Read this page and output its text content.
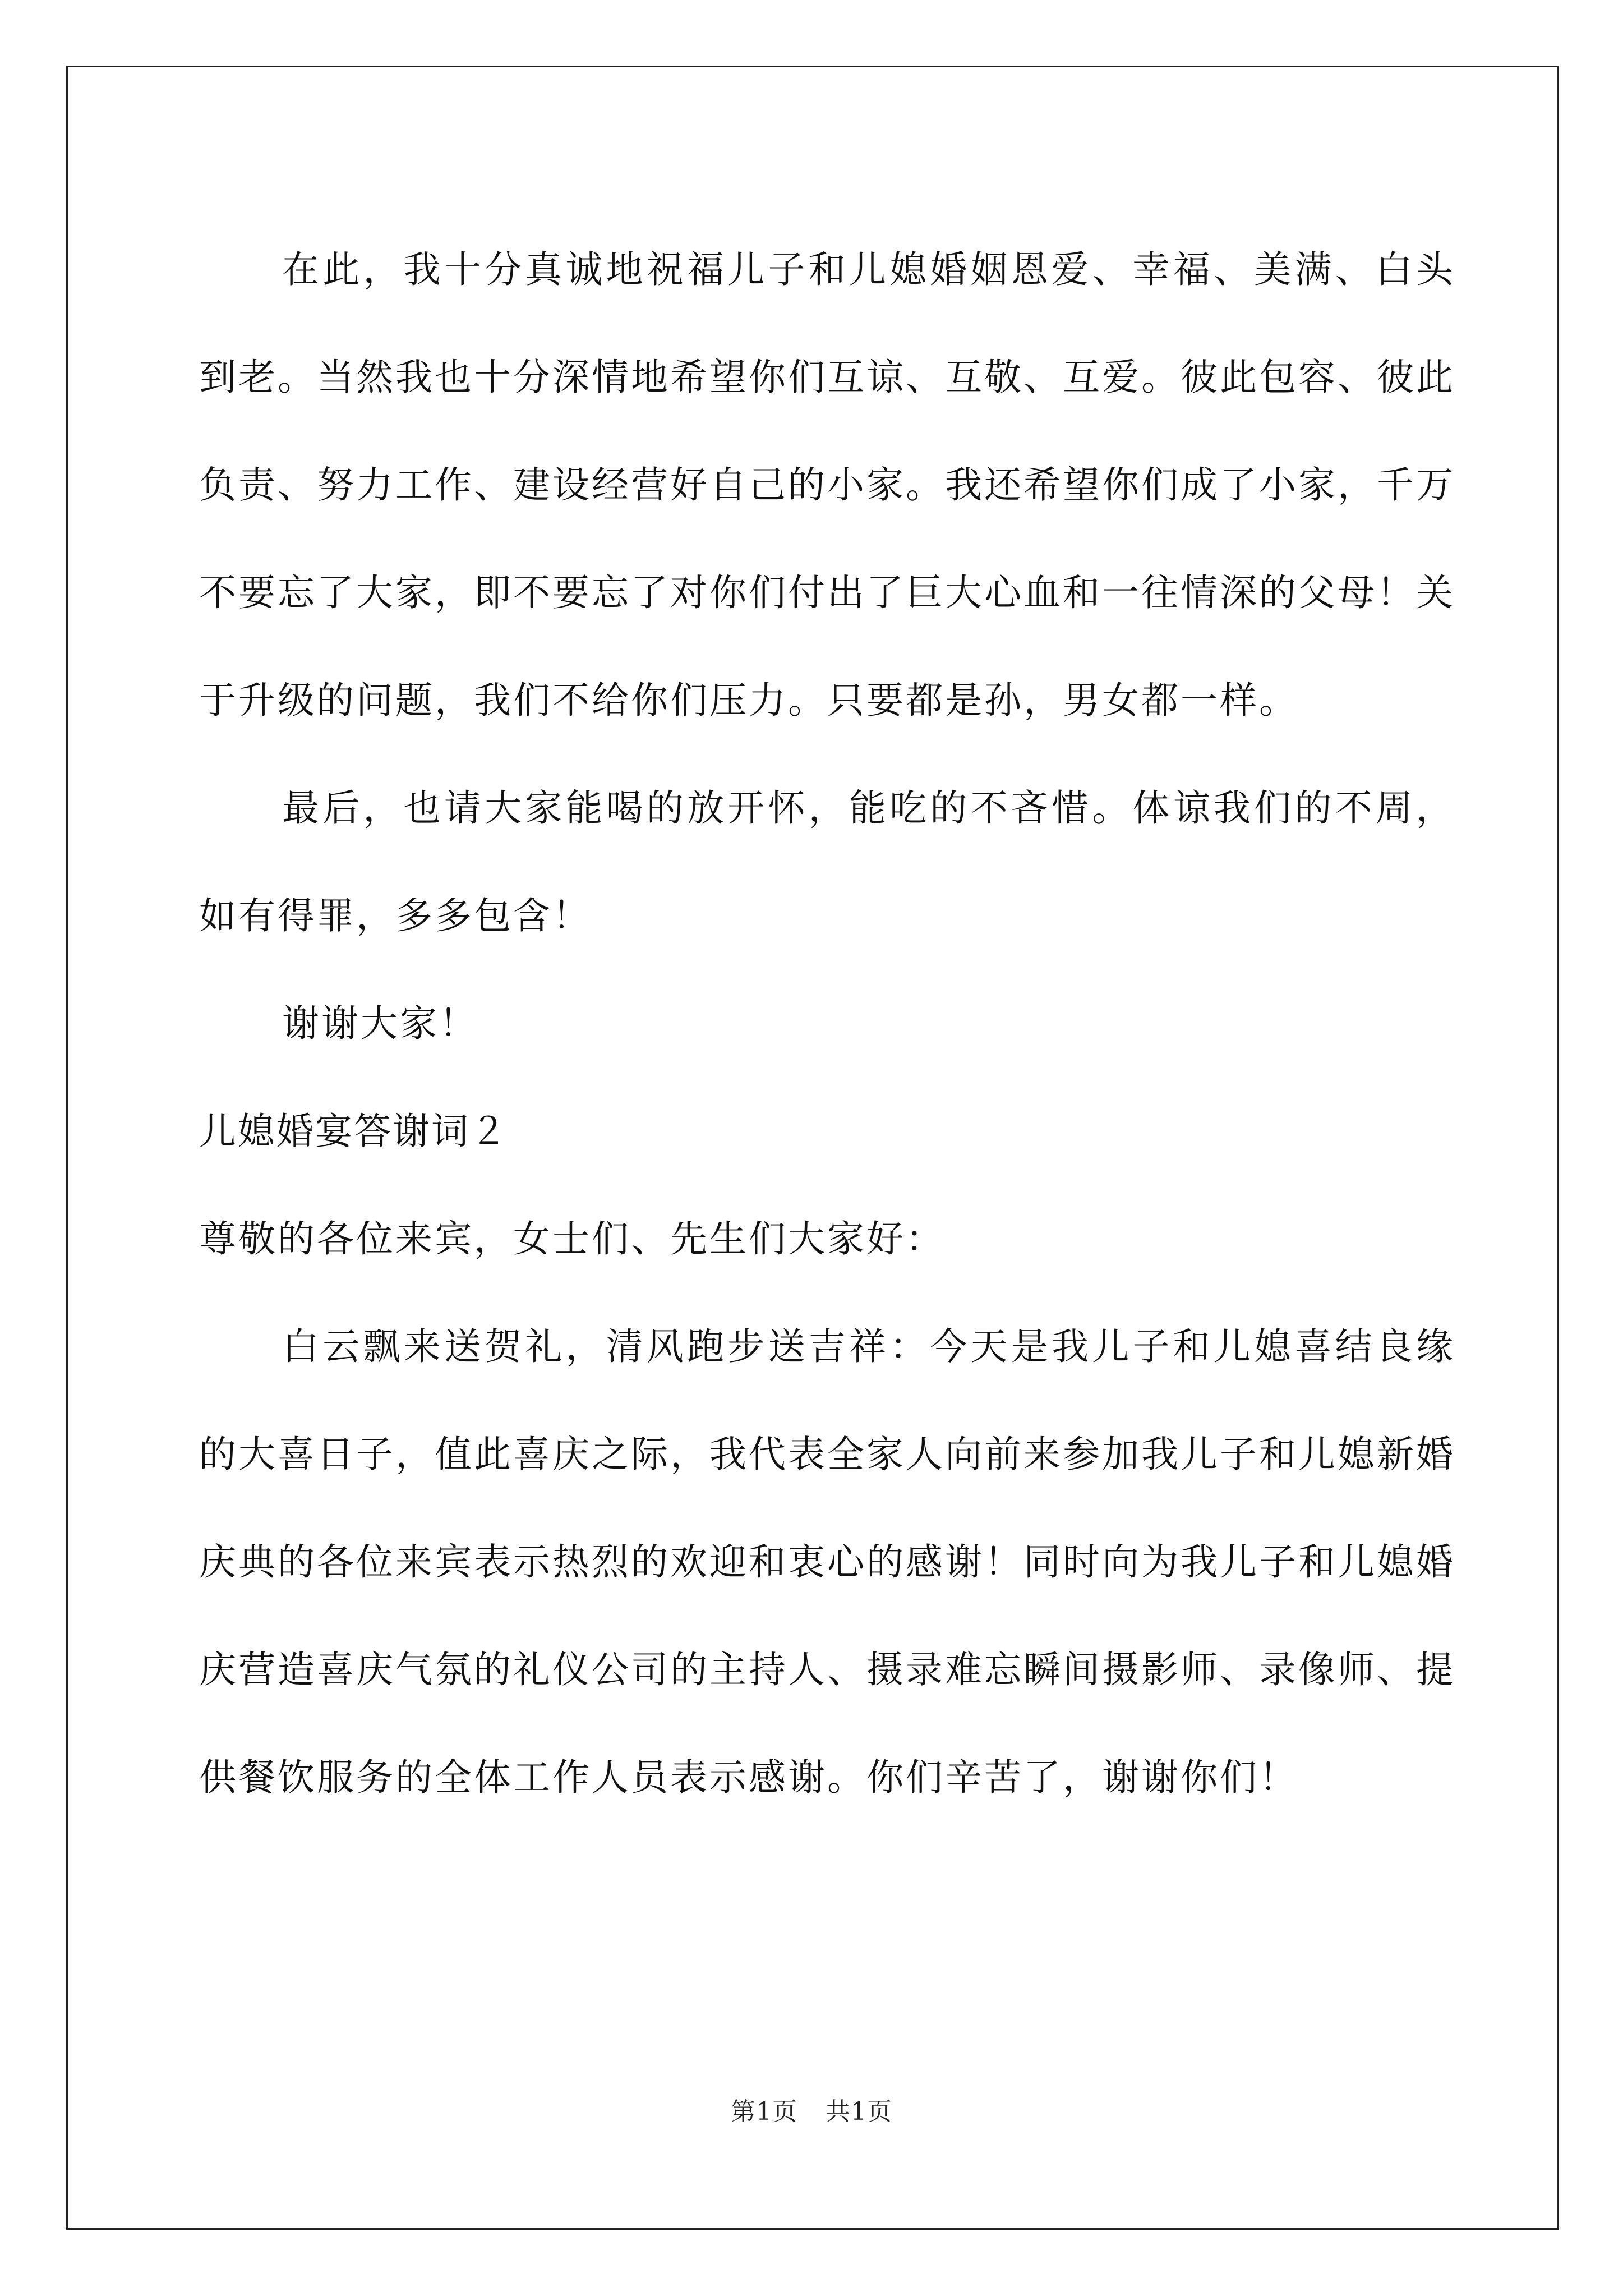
在此，我十分真诚地祝福儿子和儿媳婚姻恩爱、幸福、美满、白头到老。当然我也十分深情地希望你们互谅、互敬、互爱。彼此包容、彼此负责、努力工作、建设经营好自己的小家。我还希望你们成了小家，千万不要忘了大家，即不要忘了对你们付出了巨大心血和一往情深的父母！关于升级的问题，我们不给你们压力。只要都是孙，男女都一样。

最后，也请大家能喝的放开怀，能吃的不吝惜。体谅我们的不周，如有得罪，多多包含！

谢谢大家！

儿媳婚宴答谢词２

尊敬的各位来宾，女士们、先生们大家好：

白云飘来送贺礼，清风跑步送吉祥：今天是我儿子和儿媳喜结良缘的大喜日子，值此喜庆之际，我代表全家人向前来参加我儿子和儿媳新婚庆典的各位来宾表示热烈的欢迎和衷心的感谢！同时向为我儿子和儿媳婚庆营造喜庆气氛的礼仪公司的主持人、摄录难忘瞬间摄影师、录像师、提供餐饮服务的全体工作人员表示感谢。你们辛苦了，谢谢你们！

第1页 共1页
